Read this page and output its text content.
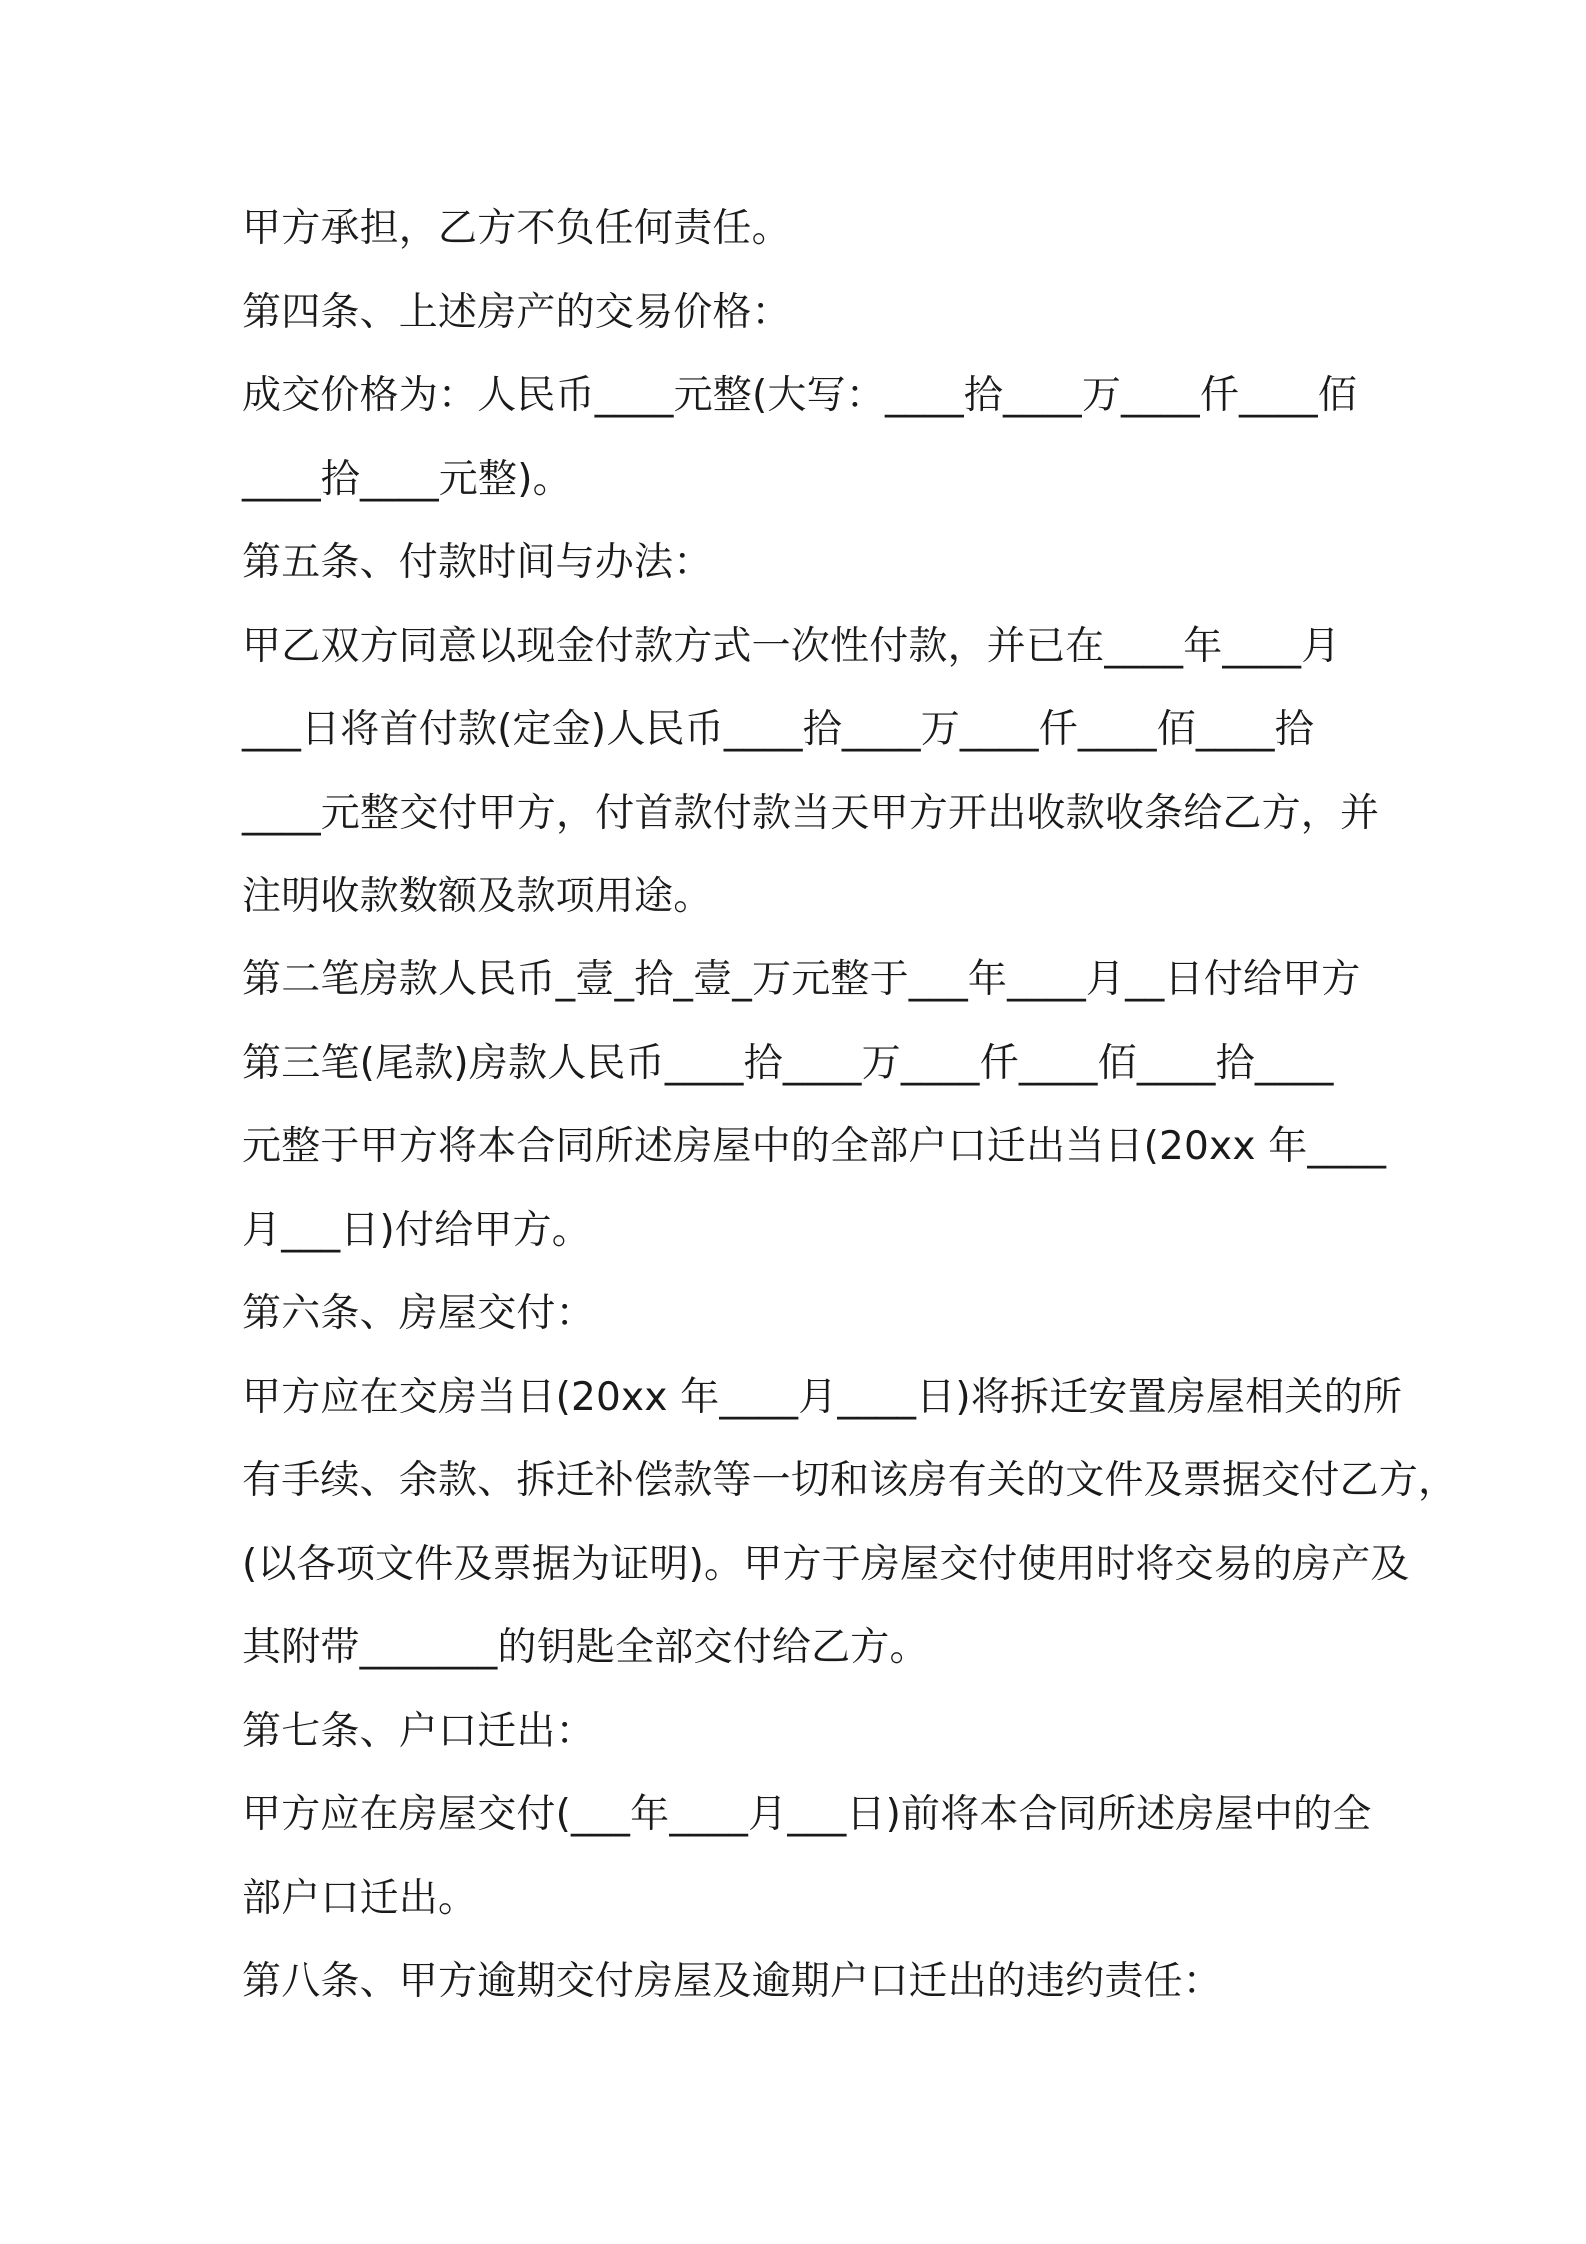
甲方承担，乙方不负任何责任。
第四条、上述房产的交易价格：
成交价格为：人民币____元整(大写：____拾____万____仟____佰
____拾____元整)。
第五条、付款时间与办法：
甲乙双方同意以现金付款方式一次性付款，并已在____年____月
___日将首付款(定金)人民币____拾____万____仟____佰____拾
____元整交付甲方，付首款付款当天甲方开出收款收条给乙方，并
注明收款数额及款项用途。
第二笔房款人民币_壹_拾_壹_万元整于___年____月__日付给甲方
第三笔(尾款)房款人民币____拾____万____仟____佰____拾____
元整于甲方将本合同所述房屋中的全部户口迁出当日(20xx 年____
月___日)付给甲方。
第六条、房屋交付：
甲方应在交房当日(20xx 年____月____日)将拆迁安置房屋相关的所
有手续、余款、拆迁补偿款等一切和该房有关的文件及票据交付乙方，
(以各项文件及票据为证明)。甲方于房屋交付使用时将交易的房产及
其附带_______的钥匙全部交付给乙方。
第七条、户口迁出：
甲方应在房屋交付(___年____月___日)前将本合同所述房屋中的全
部户口迁出。
第八条、甲方逾期交付房屋及逾期户口迁出的违约责任：
